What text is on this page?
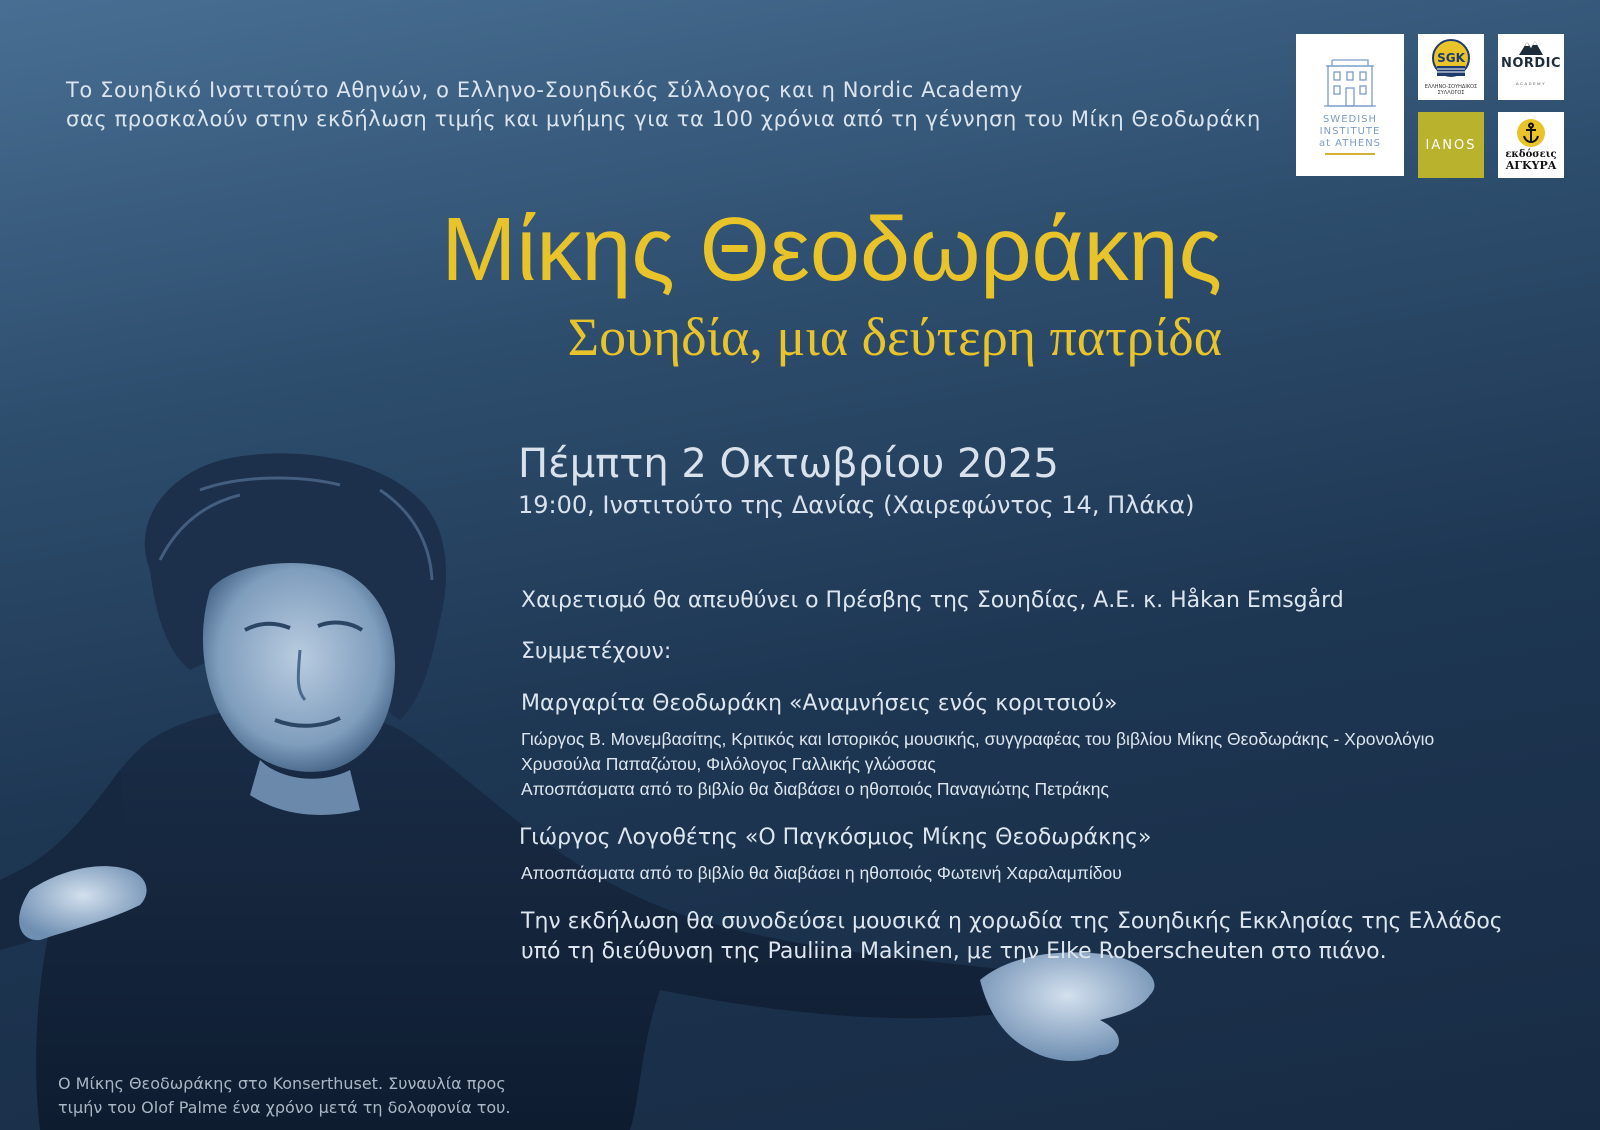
Το Σουηδικό Ινστιτούτο Αθηνών, ο Ελληνο-Σουηδικός Σύλλογος και η Nordic Academy
σας προσκαλούν στην εκδήλωση τιμής και μνήμης για τα 100 χρόνια από τη γέννηση του Μίκη Θεοδωράκη	SWEDISH
INSTITUTE
at ATHENS
SGK
ΕΛΛΗΝΟ-ΣΟΥΗΔΙΚΟΣ ΣΥΛΛΟΓΟΣ
NORDIC
ACADEMY
IANOS
εκδόσεις
ΑΓΚΥΡΑ
Μίκης Θεοδωράκης
Σουηδία, μια δεύτερη πατρίδα
Πέμπτη 2 Οκτωβρίου 2025
19:00, Ινστιτούτο της Δανίας (Χαιρεφώντος 14, Πλάκα)
Χαιρετισμό θα απευθύνει ο Πρέσβης της Σουηδίας, Α.Ε. κ. Håkan Emsgård
Συμμετέχουν:
Μαργαρίτα Θεοδωράκη «Αναμνήσεις ενός κοριτσιού»
Γιώργος Β. Μονεμβασίτης, Κριτικός και Ιστορικός μουσικής, συγγραφέας του βιβλίου Μίκης Θεοδωράκης - Χρονολόγιο
Χρυσούλα Παπαζώτου, Φιλόλογος Γαλλικής γλώσσας
Αποσπάσματα από το βιβλίο θα διαβάσει ο ηθοποιός Παναγιώτης Πετράκης
Γιώργος Λογοθέτης «Ο Παγκόσμιος Μίκης Θεοδωράκης»
Αποσπάσματα από το βιβλίο θα διαβάσει η ηθοποιός Φωτεινή Χαραλαμπίδου
Την εκδήλωση θα συνοδεύσει μουσικά η χορωδία της Σουηδικής Εκκλησίας της Ελλάδος
υπό τη διεύθυνση της Pauliina Makinen, με την Elke Roberscheuten στο πιάνο.
Ο Μίκης Θεοδωράκης στο Konserthuset. Συναυλία προς
τιμήν του Olof Palme ένα χρόνο μετά τη δολοφονία του.
